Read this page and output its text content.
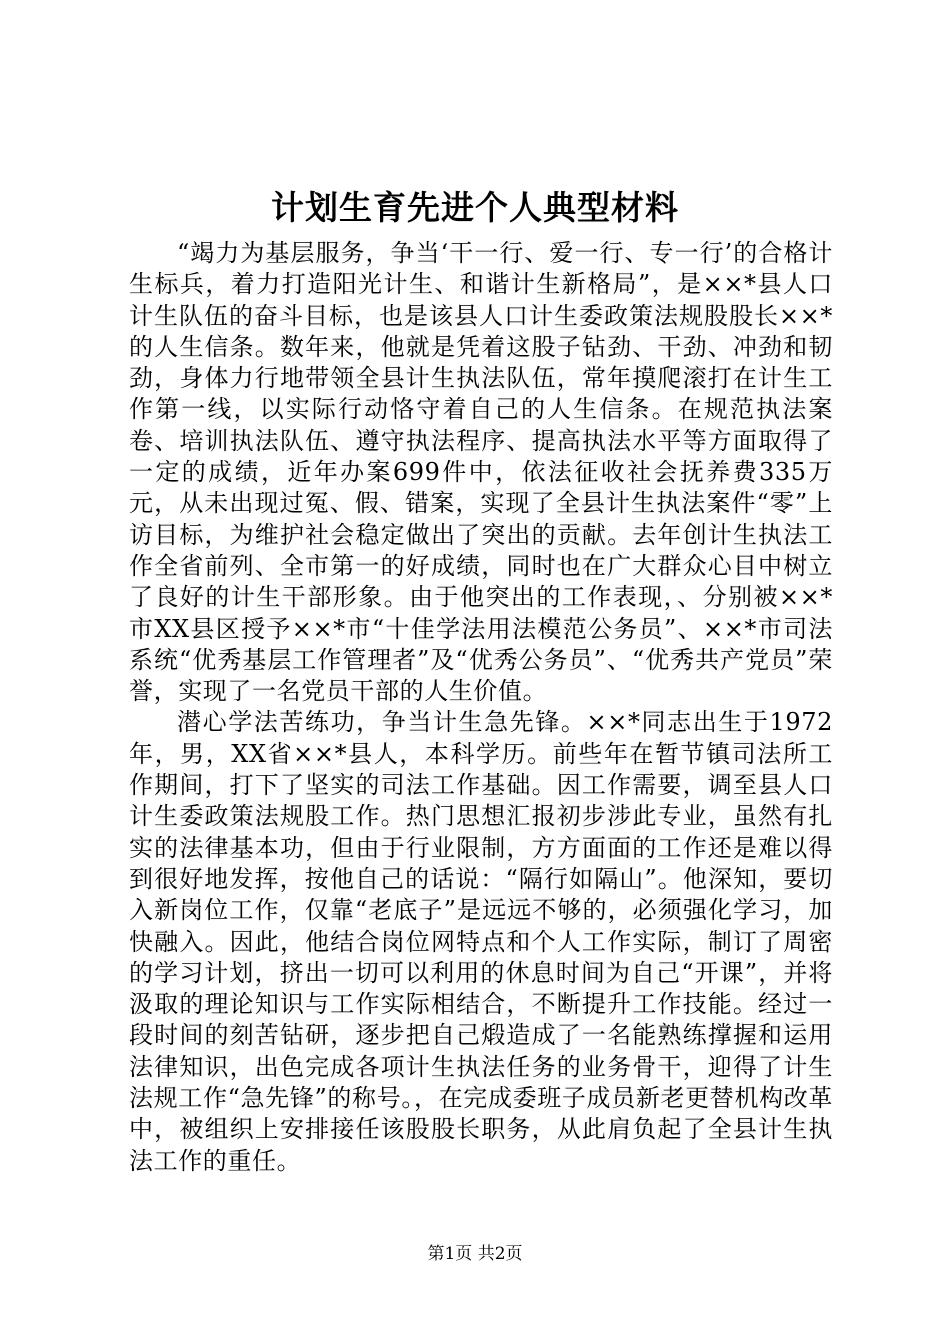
计划生育先进个人典型材料

“竭力为基层服务，争当‘干一行、爱一行、专一行’的合格计生标兵，着力打造阳光计生、和谐计生新格局”，是××*县人口计生队伍的奋斗目标，也是该县人口计生委政策法规股股长××*的人生信条。数年来，他就是凭着这股子钻劲、干劲、冲劲和韧劲，身体力行地带领全县计生执法队伍，常年摸爬滚打在计生工作第一线，以实际行动恪守着自己的人生信条。在规范执法案卷、培训执法队伍、遵守执法程序、提高执法水平等方面取得了一定的成绩，近年办案699件中，依法征收社会抚养费335万元，从未出现过冤、假、错案，实现了全县计生执法案件“零”上访目标，为维护社会稳定做出了突出的贡献。去年创计生执法工作全省前列、全市第一的好成绩，同时也在广大群众心目中树立了良好的计生干部形象。由于他突出的工作表现，、分别被××*市XX县区授予××*市“十佳学法用法模范公务员”、××*市司法系统“优秀基层工作管理者”及“优秀公务员”、“优秀共产党员”荣誉，实现了一名党员干部的人生价值。

潜心学法苦练功，争当计生急先锋。××*同志出生于1972年，男，XX省××*县人，本科学历。前些年在暂节镇司法所工作期间，打下了坚实的司法工作基础。因工作需要，调至县人口计生委政策法规股工作。热门思想汇报初步涉此专业，虽然有扎实的法律基本功，但由于行业限制，方方面面的工作还是难以得到很好地发挥，按他自己的话说：“隔行如隔山”。他深知，要切入新岗位工作，仅靠“老底子”是远远不够的，必须强化学习，加快融入。因此，他结合岗位网特点和个人工作实际，制订了周密的学习计划，挤出一切可以利用的休息时间为自己“开课”，并将汲取的理论知识与工作实际相结合，不断提升工作技能。经过一段时间的刻苦钻研，逐步把自己煅造成了一名能熟练撑握和运用法律知识，出色完成各项计生执法任务的业务骨干，迎得了计生法规工作“急先锋”的称号。，在完成委班子成员新老更替机构改革中，被组织上安排接任该股股长职务，从此肩负起了全县计生执法工作的重任。

第1页 共2页
